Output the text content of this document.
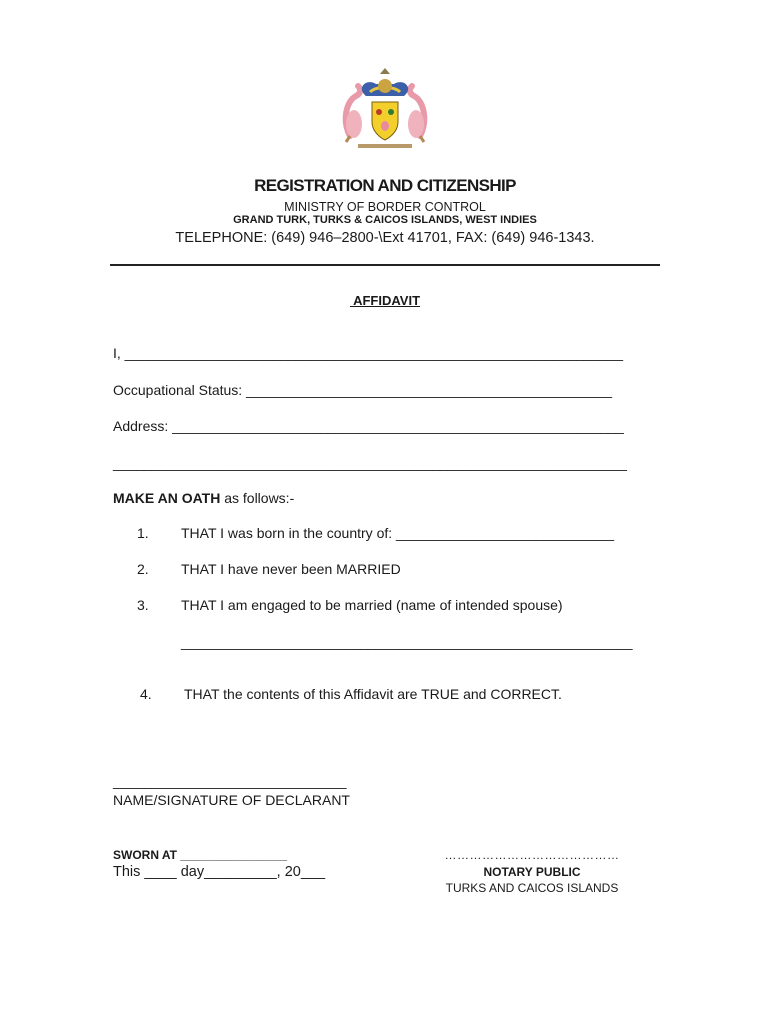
REGISTRATION AND CITIZENSHIP
MINISTRY OF BORDER CONTROL
GRAND TURK, TURKS & CAICOS ISLANDS, WEST INDIES
TELEPHONE: (649) 946–2800-\Ext 41701, FAX: (649) 946-1343.
AFFIDAVIT
I, ________________________________________________________________
Occupational Status: _______________________________________________
Address: __________________________________________________________
__________________________________________________________________
MAKE AN OATH as follows:-
1. THAT I was born in the country of: ____________________________
2. THAT I have never been MARRIED
3. THAT I am engaged to be married (name of intended spouse)
__________________________________________________________
4. THAT the contents of this Affidavit are TRUE and CORRECT.
______________________________
NAME/SIGNATURE OF DECLARANT
SWORN AT ________________
This ____ day_________, 20___
……………………………………
NOTARY PUBLIC
TURKS AND CAICOS ISLANDS
